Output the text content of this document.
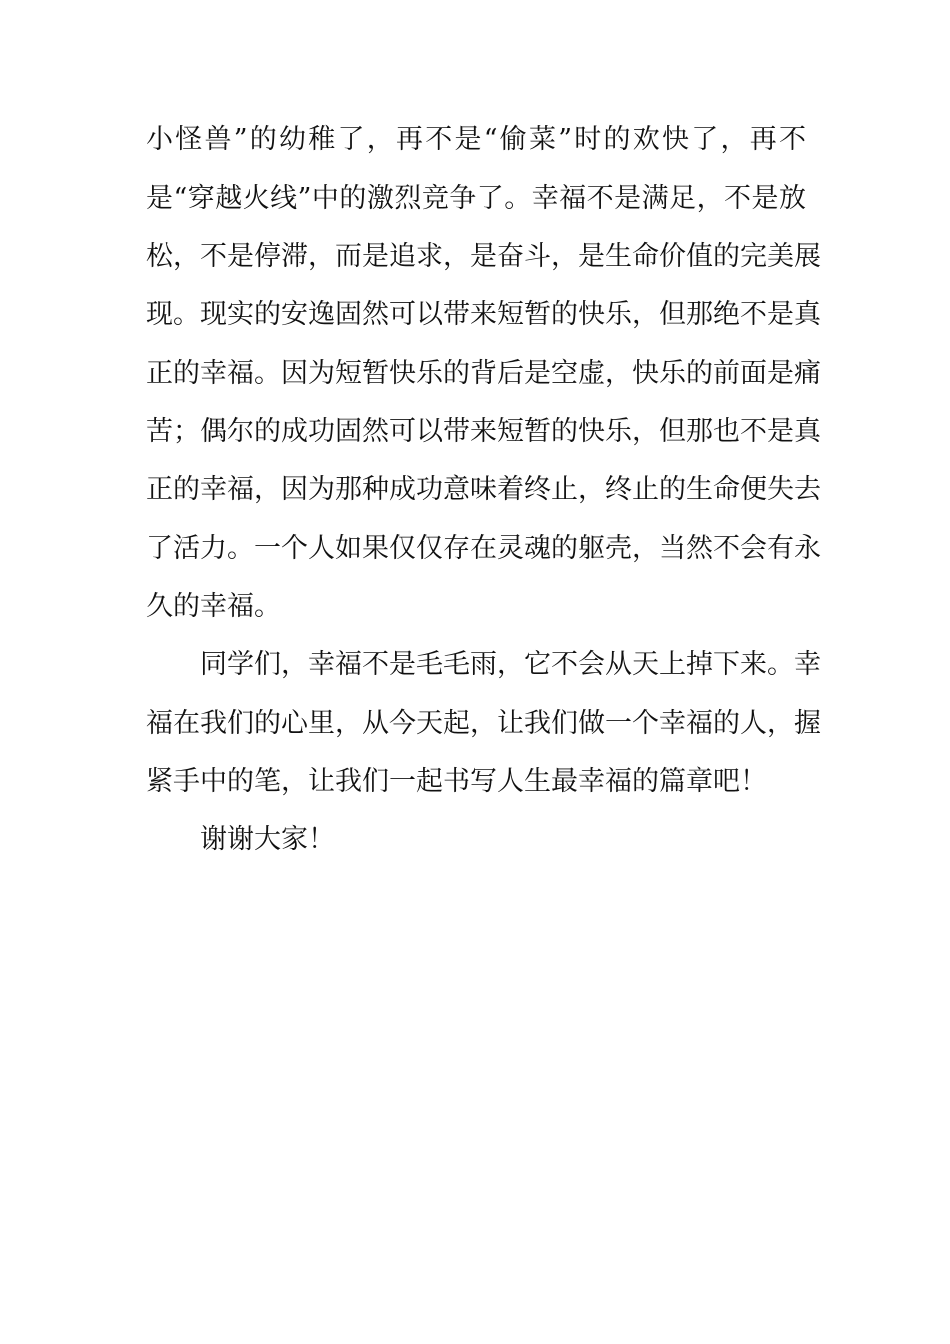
小怪兽”的幼稚了，再不是“偷菜”时的欢快了，再不
是“穿越火线”中的激烈竞争了。幸福不是满足，不是放
松，不是停滞，而是追求，是奋斗，是生命价值的完美展
现。现实的安逸固然可以带来短暂的快乐，但那绝不是真
正的幸福。因为短暂快乐的背后是空虚，快乐的前面是痛
苦；偶尔的成功固然可以带来短暂的快乐，但那也不是真
正的幸福，因为那种成功意味着终止，终止的生命便失去
了活力。一个人如果仅仅存在灵魂的躯壳，当然不会有永
久的幸福。
同学们，幸福不是毛毛雨，它不会从天上掉下来。幸
福在我们的心里，从今天起，让我们做一个幸福的人，握
紧手中的笔，让我们一起书写人生最幸福的篇章吧！
谢谢大家！
